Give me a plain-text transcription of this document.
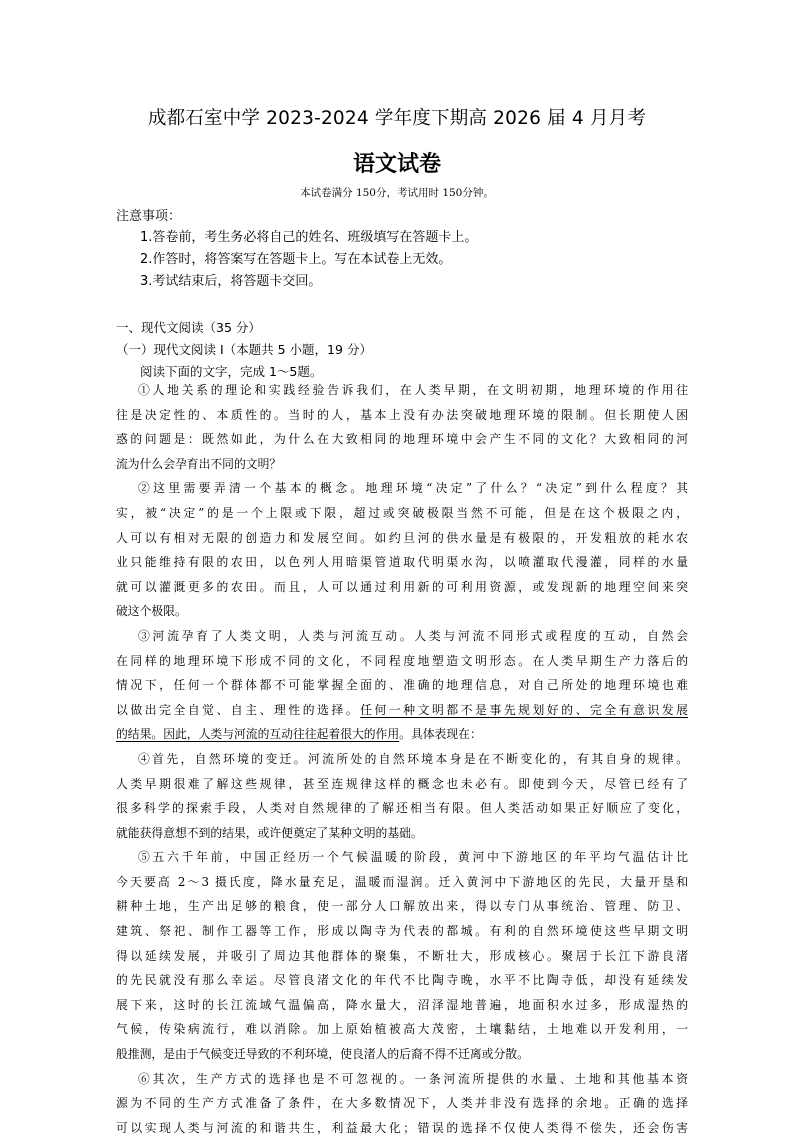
成都石室中学 2023-2024 学年度下期高 2026 届 4 月月考
语文试卷
本试卷满分 150分，考试用时 150分钟。
注意事项：
1.答卷前，考生务必将自己的姓名、班级填写在答题卡上。
2.作答时，将答案写在答题卡上。写在本试卷上无效。
3.考试结束后，将答题卡交回。
一、现代文阅读（35 分）
（一）现代文阅读 I（本题共 5 小题，19 分）
阅读下面的文字，完成 1～5题。
①人地关系的理论和实践经验告诉我们，在人类早期，在文明初期，地理环境的作用往
往是决定性的、本质性的。当时的人，基本上没有办法突破地理环境的限制。但长期使人困
惑的问题是：既然如此，为什么在大致相同的地理环境中会产生不同的文化？大致相同的河
流为什么会孕育出不同的文明？
②这里需要弄清一个基本的概念。地理环境“决定”了什么？“决定”到什么程度？其
实，被“决定”的是一个上限或下限，超过或突破极限当然不可能，但是在这个极限之内，
人可以有相对无限的创造力和发展空间。如约旦河的供水量是有极限的，开发粗放的耗水农
业只能维持有限的农田，以色列人用暗渠管道取代明渠水沟，以喷灌取代漫灌，同样的水量
就可以灌溉更多的农田。而且，人可以通过利用新的可利用资源，或发现新的地理空间来突
破这个极限。
③河流孕育了人类文明，人类与河流互动。人类与河流不同形式或程度的互动，自然会
在同样的地理环境下形成不同的文化，不同程度地塑造文明形态。在人类早期生产力落后的
情况下，任何一个群体都不可能掌握全面的、准确的地理信息，对自己所处的地理环境也难
以做出完全自觉、自主、理性的选择。任何一种文明都不是事先规划好的、完全有意识发展
的结果。因此，人类与河流的互动往往起着很大的作用。具体表现在：
④首先，自然环境的变迁。河流所处的自然环境本身是在不断变化的，有其自身的规律。
人类早期很难了解这些规律，甚至连规律这样的概念也未必有。即使到今天，尽管已经有了
很多科学的探索手段，人类对自然规律的了解还相当有限。但人类活动如果正好顺应了变化，
就能获得意想不到的结果，或许便奠定了某种文明的基础。
⑤五六千年前，中国正经历一个气候温暖的阶段，黄河中下游地区的年平均气温估计比
今天要高 2～3 摄氏度，降水量充足，温暖而湿润。迁入黄河中下游地区的先民，大量开垦和
耕种土地，生产出足够的粮食，使一部分人口解放出来，得以专门从事统治、管理、防卫、
建筑、祭祀、制作工器等工作，形成以陶寺为代表的都城。有利的自然环境使这些早期文明
得以延续发展，并吸引了周边其他群体的聚集，不断壮大，形成核心。聚居于长江下游良渚
的先民就没有那么幸运。尽管良渚文化的年代不比陶寺晚，水平不比陶寺低，却没有延续发
展下来，这时的长江流域气温偏高，降水量大，沼泽湿地普遍，地面积水过多，形成湿热的
气候，传染病流行，难以消除。加上原始植被高大茂密，土壤黏结，土地难以开发利用，一
般推测，是由于气候变迁导致的不利环境，使良渚人的后裔不得不迁离或分散。
⑥其次，生产方式的选择也是不可忽视的。一条河流所提供的水量、土地和其他基本资
源为不同的生产方式准备了条件，在大多数情况下，人类并非没有选择的余地。正确的选择
可以实现人类与河流的和谐共生，利益最大化；错误的选择不仅使人类得不偿失，还会伤害
